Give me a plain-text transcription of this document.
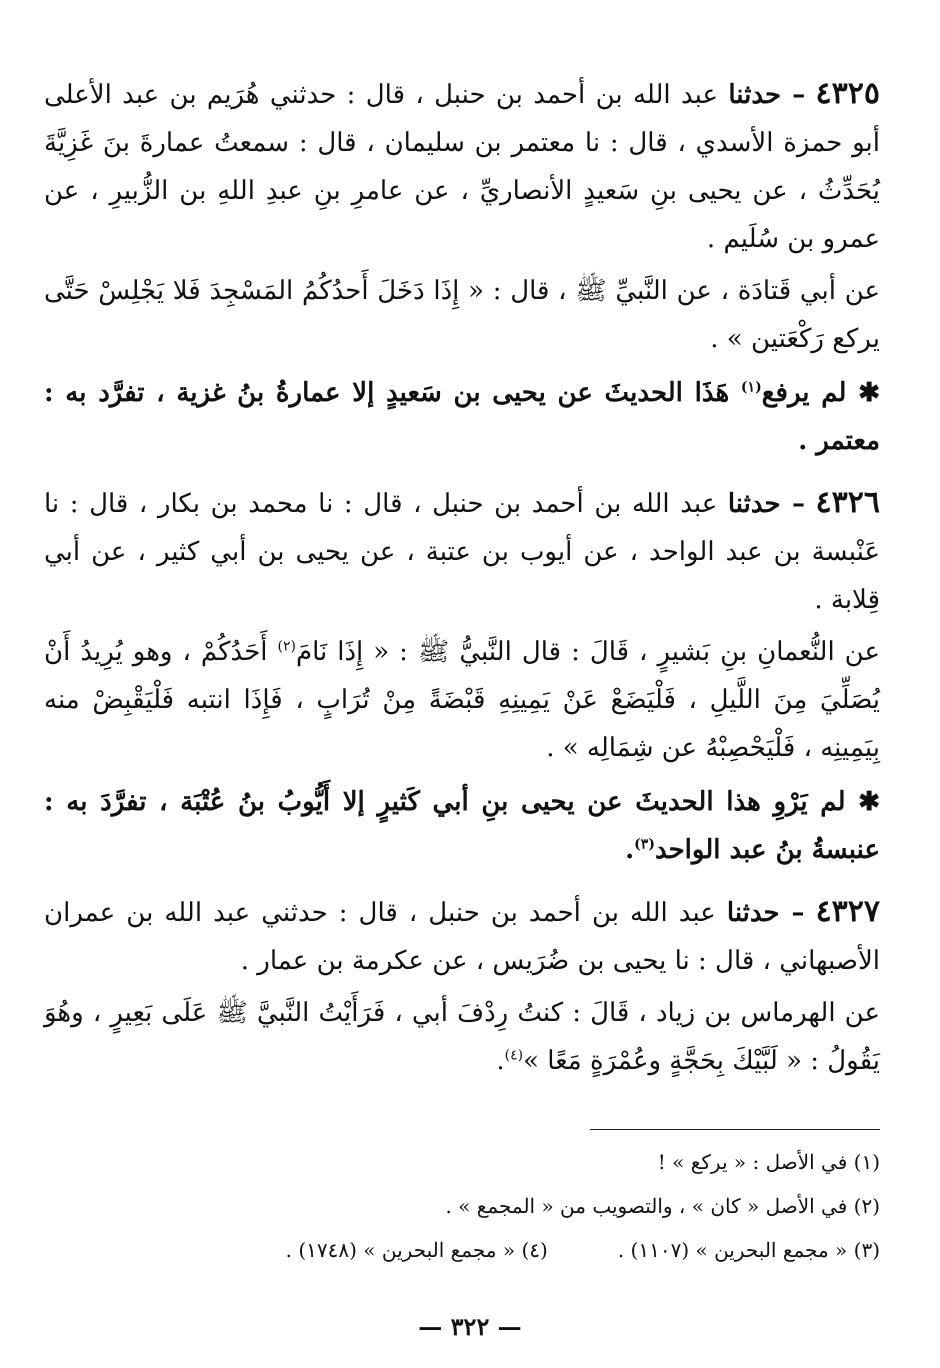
٤٣٢٥ – حدثنا عبد الله بن أحمد بن حنبل ، قال : حدثني هُرَيم بن عبد الأعلى أبو حمزة الأسدي ، قال : نا معتمر بن سليمان ، قال : سمعتُ عمارةَ بنَ غَزِيَّةَ يُحَدِّثُ ، عن يحيى بنِ سَعيدٍ الأنصاريِّ ، عن عامرِ بنِ عبدِ اللهِ بن الزُّبيرِ ، عن عمرو بن سُلَيم .

عن أبي قَتادَة ، عن النَّبيِّ ﷺ ، قال : « إِذَا دَخَلَ أَحدُكُمُ المَسْجِدَ فَلا يَجْلِسْ حَتَّى يركع رَكْعَتين » .

✱ لم يرفع$^{(١)}$ هَذَا الحديثَ عن يحيى بن سَعيدٍ إلا عمارةُ بنُ غزية ، تفرَّد به : معتمر .

٤٣٢٦ – حدثنا عبد الله بن أحمد بن حنبل ، قال : نا محمد بن بكار ، قال : نا عَنْبسة بن عبد الواحد ، عن أيوب بن عتبة ، عن يحيى بن أبي كثير ، عن أبي قِلابة .

عن النُّعمانِ بنِ بَشيرٍ ، قَالَ : قال النَّبيُّ ﷺ : « إِذَا نَامَ$^{(٢)}$ أَحَدُكُمْ ، وهو يُرِيدُ أَنْ يُصَلِّيَ مِنَ اللَّيلِ ، فَلْيَضَعْ عَنْ يَمِينِهِ قَبْضَةً مِنْ تُرَابٍ ، فَإِذَا انتبه فَلْيَقْبِضْ منه بِيَمِينِه ، فَلْيَحْصِبْهُ عن شِمَالِه » .

✱ لم يَرْوِ هذا الحديثَ عن يحيى بنِ أبي كَثيرٍ إلا أَيُّوبُ بنُ عُتْبَة ، تفرَّدَ به : عنبسةُ بنُ عبد الواحد$^{(٣)}$.

٤٣٢٧ – حدثنا عبد الله بن أحمد بن حنبل ، قال : حدثني عبد الله بن عمران الأصبهاني ، قال : نا يحيى بن ضُرَيس ، عن عكرمة بن عمار .

عن الهرماس بن زياد ، قَالَ : كنتُ رِدْفَ أبي ، فَرَأَيْتُ النَّبيَّ ﷺ عَلَى بَعِيرٍ ، وهُوَ يَقُولُ : « لَبَّيْكَ بِحَجَّةٍ وعُمْرَةٍ مَعًا »$^{(٤)}$.

(١) في الأصل : « يركع » !
(٢) في الأصل « كان » ، والتصويب من « المجمع » .
(٣) « مجمع البحرين » (١١٠٧) .(٤) « مجمع البحرين » (١٧٤٨) .
— ٣٢٢ —
